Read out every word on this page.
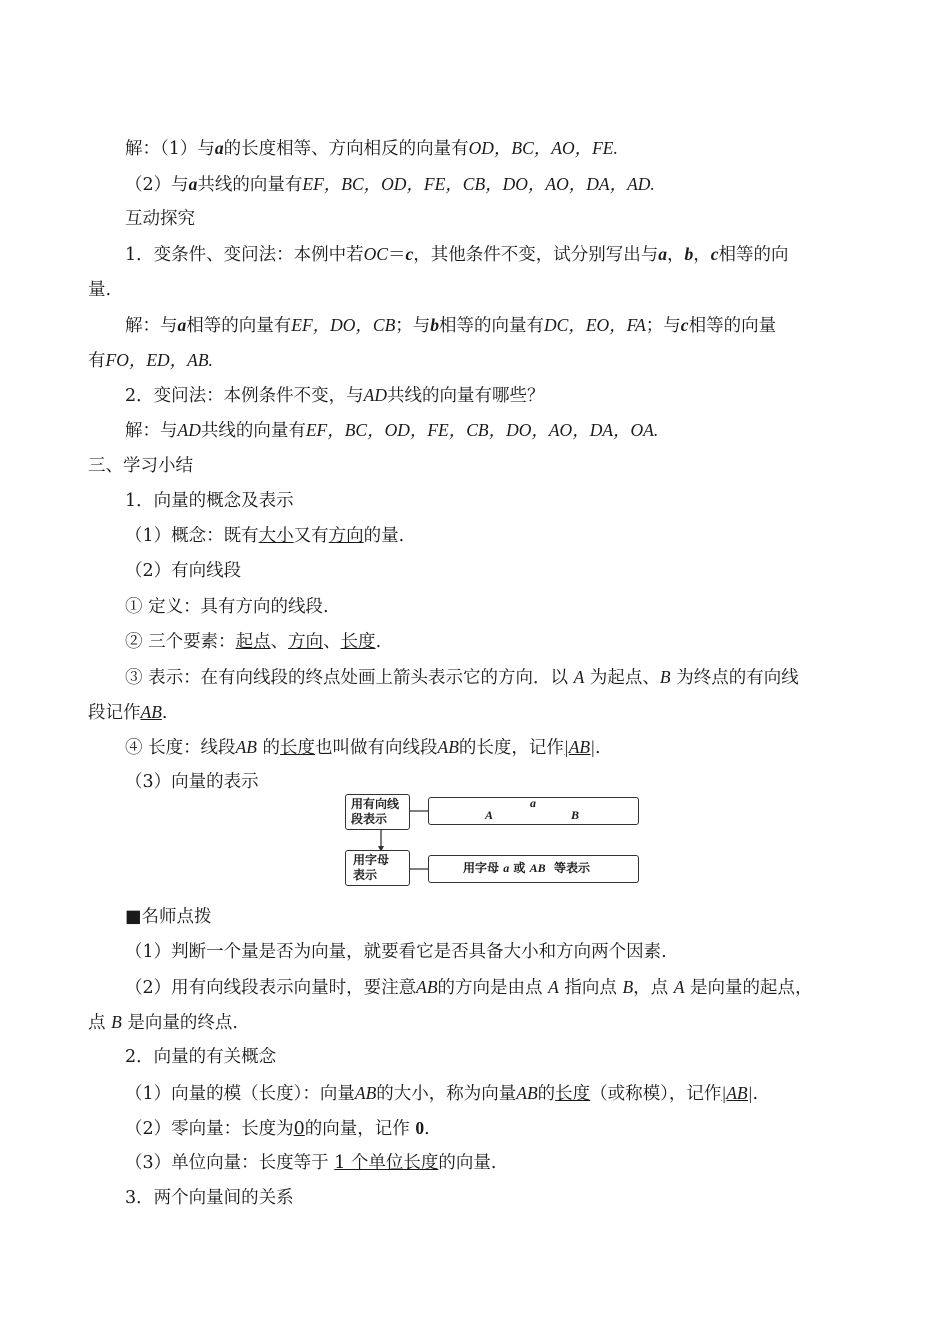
解：（1）与a的长度相等、方向相反的向量有OD，BC，AO，FE.
（2）与a共线的向量有EF，BC，OD，FE，CB，DO，AO，DA，AD.
互动探究
1．变条件、变问法：本例中若OC＝c，其他条件不变，试分别写出与a，b，c相等的向
量.
解：与a相等的向量有EF，DO，CB；与b相等的向量有DC，EO，FA；与c相等的向量
有FO，ED，AB.
2．变问法：本例条件不变，与AD共线的向量有哪些？
解：与AD共线的向量有EF，BC，OD，FE，CB，DO，AO，DA，OA.
三、学习小结
1．向量的概念及表示
（1）概念：既有大小又有方向的量.
（2）有向线段
① 定义：具有方向的线段.
② 三个要素：起点、方向、长度.
③ 表示：在有向线段的终点处画上箭头表示它的方向．以 A 为起点、B 为终点的有向线
段记作AB.
④ 长度：线段AB 的长度也叫做有向线段AB的长度，记作|AB|.
（3）向量的表示
用有向线
段表示
a
A	B
用字母
表示	用字母 a 或 AB 等表示
■名师点拨
（1）判断一个量是否为向量，就要看它是否具备大小和方向两个因素.
（2）用有向线段表示向量时，要注意AB的方向是由点 A 指向点 B，点 A 是向量的起点，
点 B 是向量的终点.
2．向量的有关概念
（1）向量的模（长度）：向量AB的大小，称为向量AB的长度（或称模），记作|AB|.
（2）零向量：长度为0的向量，记作 0.
（3）单位向量：长度等于 1 个单位长度的向量.
3．两个向量间的关系
